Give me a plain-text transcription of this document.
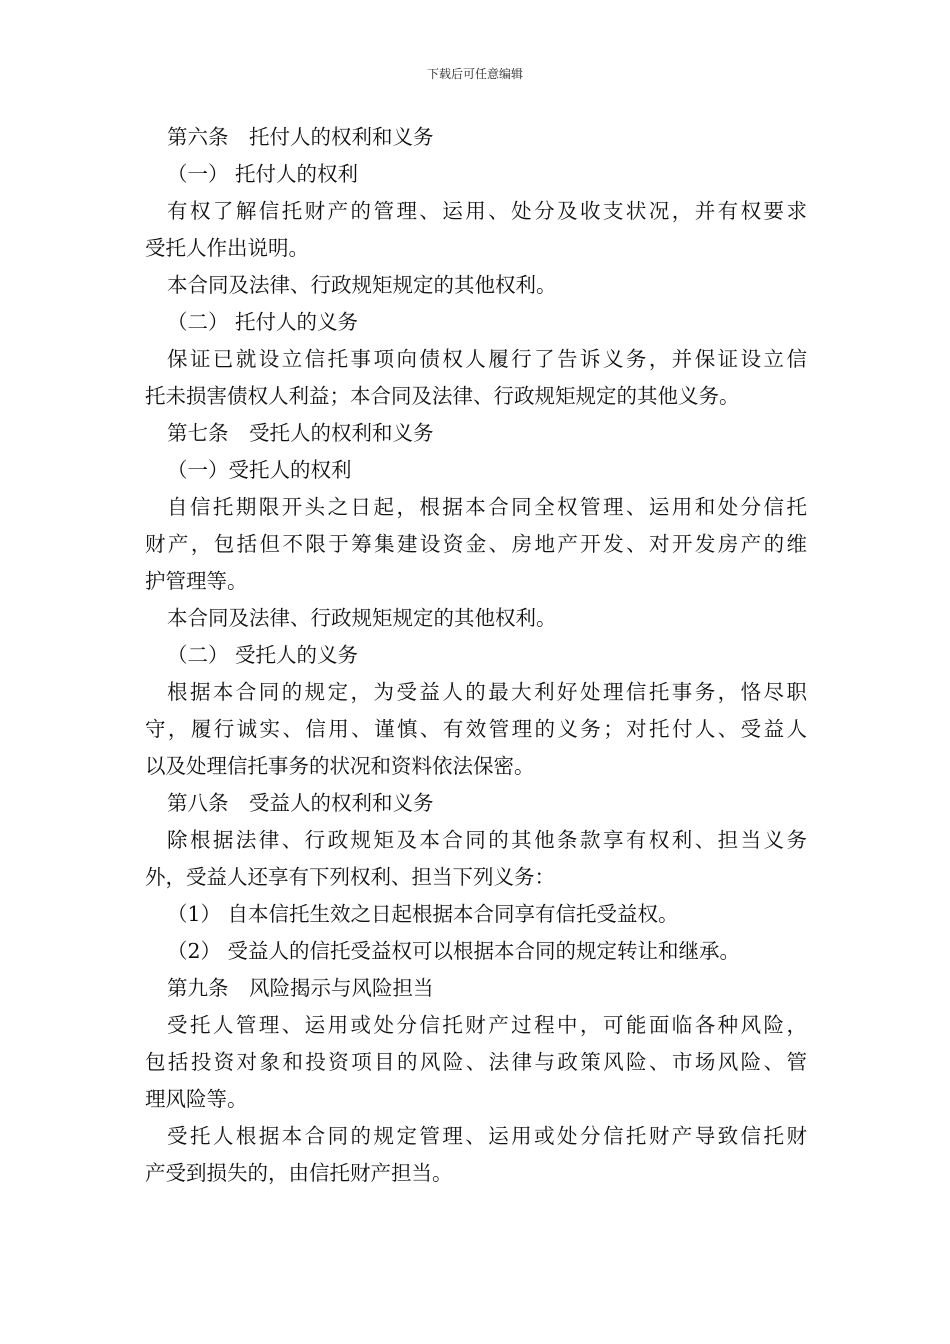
下载后可任意编辑
第六条　托付人的权利和义务
（一） 托付人的权利
有权了解信托财产的管理、运用、处分及收支状况，并有权要求
受托人作出说明。
本合同及法律、行政规矩规定的其他权利。
（二） 托付人的义务
保证已就设立信托事项向债权人履行了告诉义务，并保证设立信
托未损害债权人利益；本合同及法律、行政规矩规定的其他义务。
第七条　受托人的权利和义务
（一）受托人的权利
自信托期限开头之日起，根据本合同全权管理、运用和处分信托
财产，包括但不限于筹集建设资金、房地产开发、对开发房产的维
护管理等。
本合同及法律、行政规矩规定的其他权利。
（二） 受托人的义务
根据本合同的规定，为受益人的最大利好处理信托事务，恪尽职
守，履行诚实、信用、谨慎、有效管理的义务；对托付人、受益人
以及处理信托事务的状况和资料依法保密。
第八条　受益人的权利和义务
除根据法律、行政规矩及本合同的其他条款享有权利、担当义务
外，受益人还享有下列权利、担当下列义务：
（1） 自本信托生效之日起根据本合同享有信托受益权。
（2） 受益人的信托受益权可以根据本合同的规定转让和继承。
第九条　风险揭示与风险担当
受托人管理、运用或处分信托财产过程中，可能面临各种风险，
包括投资对象和投资项目的风险、法律与政策风险、市场风险、管
理风险等。
受托人根据本合同的规定管理、运用或处分信托财产导致信托财
产受到损失的，由信托财产担当。
